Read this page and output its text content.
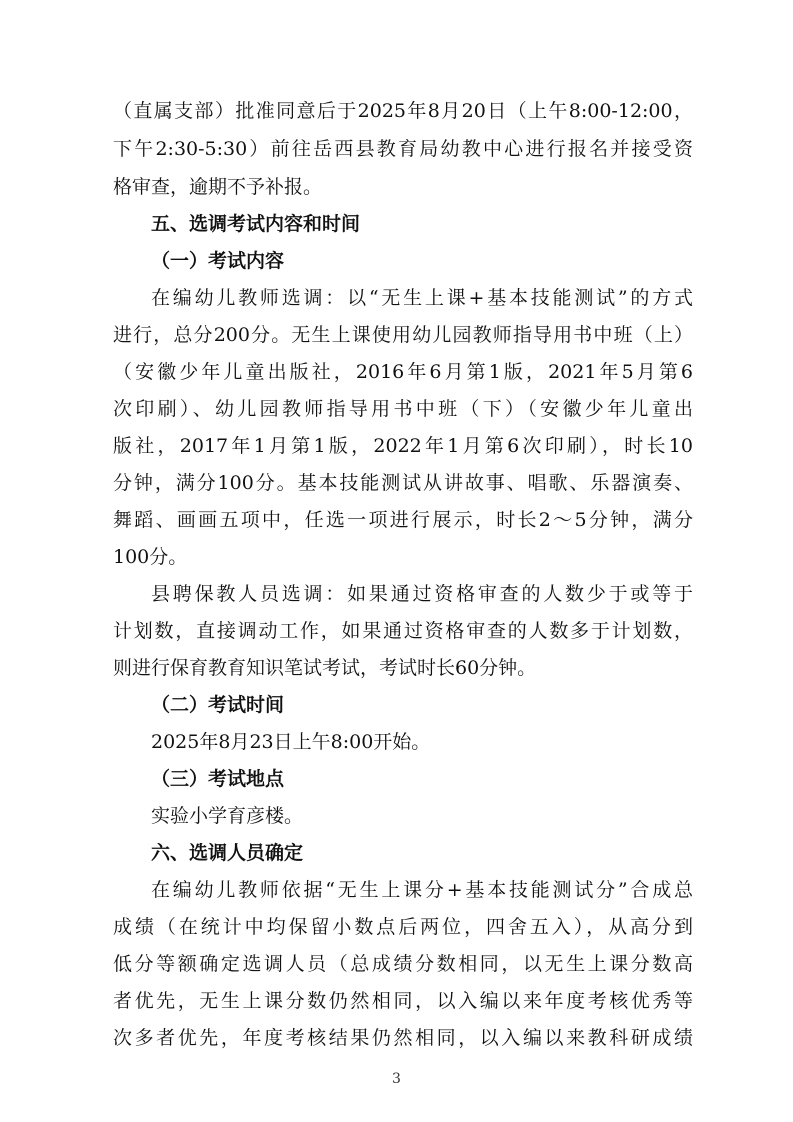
（直属支部）批准同意后于2025年8月20日（上午8:00-12:00，
下午2:30-5:30）前往岳西县教育局幼教中心进行报名并接受资
格审查，逾期不予补报。
五、选调考试内容和时间
（一）考试内容
在编幼儿教师选调：以“无生上课+基本技能测试”的方式
进行，总分200分。无生上课使用幼儿园教师指导用书中班（上）
（安徽少年儿童出版社，2016年6月第1版，2021年5月第6
次印刷）、幼儿园教师指导用书中班（下）（安徽少年儿童出
版社，2017年1月第1版，2022年1月第6次印刷），时长10
分钟，满分100分。基本技能测试从讲故事、唱歌、乐器演奏、
舞蹈、画画五项中，任选一项进行展示，时长2～5分钟，满分
100分。
县聘保教人员选调：如果通过资格审查的人数少于或等于
计划数，直接调动工作，如果通过资格审查的人数多于计划数，
则进行保育教育知识笔试考试，考试时长60分钟。
（二）考试时间
2025年8月23日上午8:00开始。
（三）考试地点
实验小学育彦楼。
六、选调人员确定
在编幼儿教师依据“无生上课分+基本技能测试分”合成总
成绩（在统计中均保留小数点后两位，四舍五入），从高分到
低分等额确定选调人员（总成绩分数相同，以无生上课分数高
者优先，无生上课分数仍然相同，以入编以来年度考核优秀等
次多者优先，年度考核结果仍然相同，以入编以来教科研成绩
3
